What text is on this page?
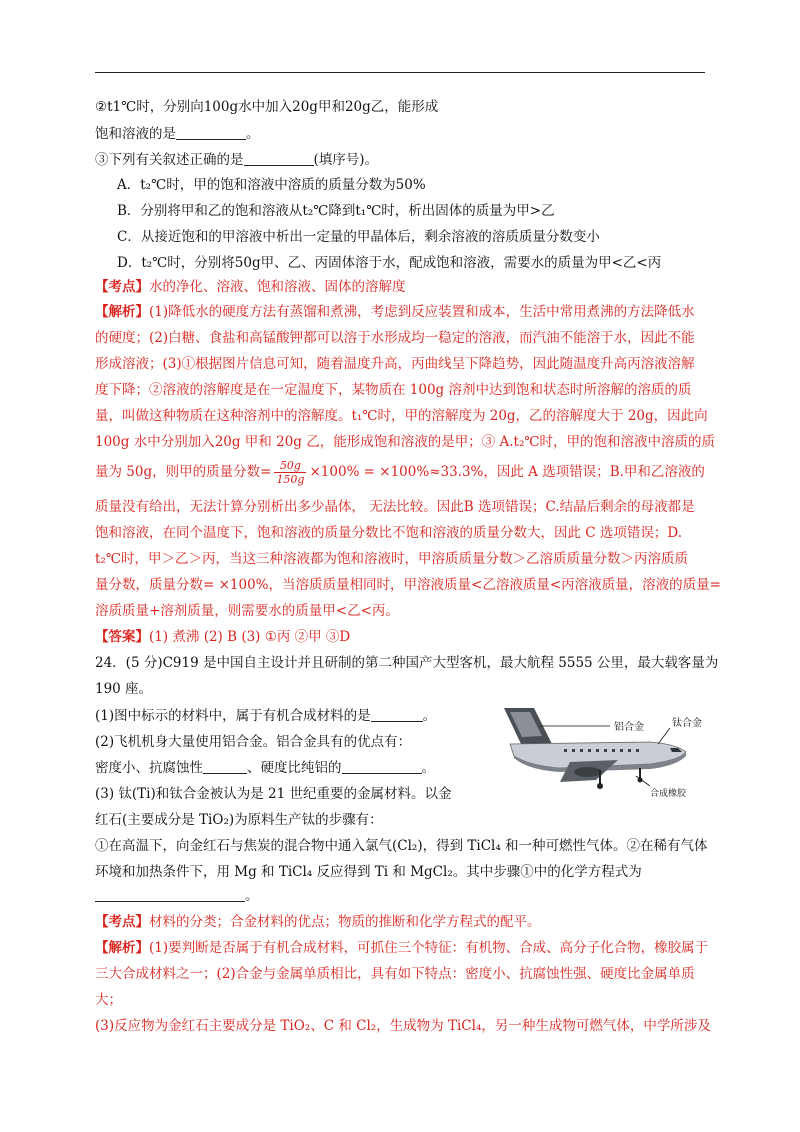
②t1℃时，分别向100g水中加入20g甲和20g乙，能形成
饱和溶液的是	。
③下列有关叙述正确的是	(填序号)。
A．t₂℃时，甲的饱和溶液中溶质的质量分数为50%
B．分别将甲和乙的饱和溶液从t₂℃降到t₁℃时，析出固体的质量为甲>乙
C．从接近饱和的甲溶液中析出一定量的甲晶体后，剩余溶液的溶质质量分数变小
D．t₂℃时，分别将50g甲、乙、丙固体溶于水，配成饱和溶液，需要水的质量为甲<乙<丙
【考点】水的净化、溶液、饱和溶液、固体的溶解度
【解析】(1)降低水的硬度方法有蒸馏和煮沸，考虑到反应装置和成本，生活中常用煮沸的方法降低水
的硬度；(2)白糖、食盐和高锰酸钾都可以溶于水形成均一稳定的溶液，而汽油不能溶于水，因此不能
形成溶液；(3)①根据图片信息可知，随着温度升高，丙曲线呈下降趋势，因此随温度升高丙溶液溶解
度下降；②溶液的溶解度是在一定温度下，某物质在 100g 溶剂中达到饱和状态时所溶解的溶质的质
量，叫做这种物质在这种溶剂中的溶解度。t₁℃时，甲的溶解度为 20g，乙的溶解度大于 20g，因此向
100g 水中分别加入20g 甲和 20g 乙，能形成饱和溶液的是甲；③ A.t₂℃时，甲的饱和溶液中溶质的质
量为 50g，则甲的质量分数= $\frac{50g}{150g} \times 100\% = \times 100\%\approx 33.3\%$，因此 A 选项错误；B.甲和乙溶液的
质量没有给出，无法计算分别析出多少晶体， 无法比较。因此B 选项错误；C.结晶后剩余的母液都是
饱和溶液，在同个温度下，饱和溶液的质量分数比不饱和溶液的质量分数大，因此 C 选项错误；D.
t₂℃时，甲＞乙＞丙，当这三种溶液都为饱和溶液时，甲溶质质量分数＞乙溶质质量分数＞丙溶质质
量分数，质量分数= ×100%，当溶质质量相同时，甲溶液质量<乙溶液质量<丙溶液质量，溶液的质量=
溶质质量+溶剂质量，则需要水的质量甲<乙<丙。
【答案】(1) 煮沸 (2) B (3) ①丙 ②甲 ③D
24．(5 分)C919 是中国自主设计并且研制的第二种国产大型客机，最大航程 5555 公里，最大载客量为
190 座。
(1)图中标示的材料中，属于有机合成材料的是	。
(2)飞机机身大量使用铝合金。铝合金具有的优点有：
密度小、抗腐蚀性	、硬度比纯铝的	。
(3) 钛(Ti)和钛合金被认为是 21 世纪重要的金属材料。以金
红石(主要成分是 TiO₂)为原料生产钛的步骤有：
①在高温下，向金红石与焦炭的混合物中通入氯气(Cl₂)，得到 TiCl₄ 和一种可燃性气体。②在稀有气体
环境和加热条件下，用 Mg 和 TiCl₄ 反应得到 Ti 和 MgCl₂。其中步骤①中的化学方程式为
。
铝合金	钛合金
合成橡胶
【考点】材料的分类；合金材料的优点；物质的推断和化学方程式的配平。
【解析】(1)要判断是否属于有机合成材料，可抓住三个特征：有机物、合成、高分子化合物，橡胶属于
三大合成材料之一；(2)合金与金属单质相比，具有如下特点：密度小、抗腐蚀性强、硬度比金属单质
大；
(3)反应物为金红石主要成分是 TiO₂、C 和 Cl₂，生成物为 TiCl₄，另一种生成物可燃气体，中学所涉及
